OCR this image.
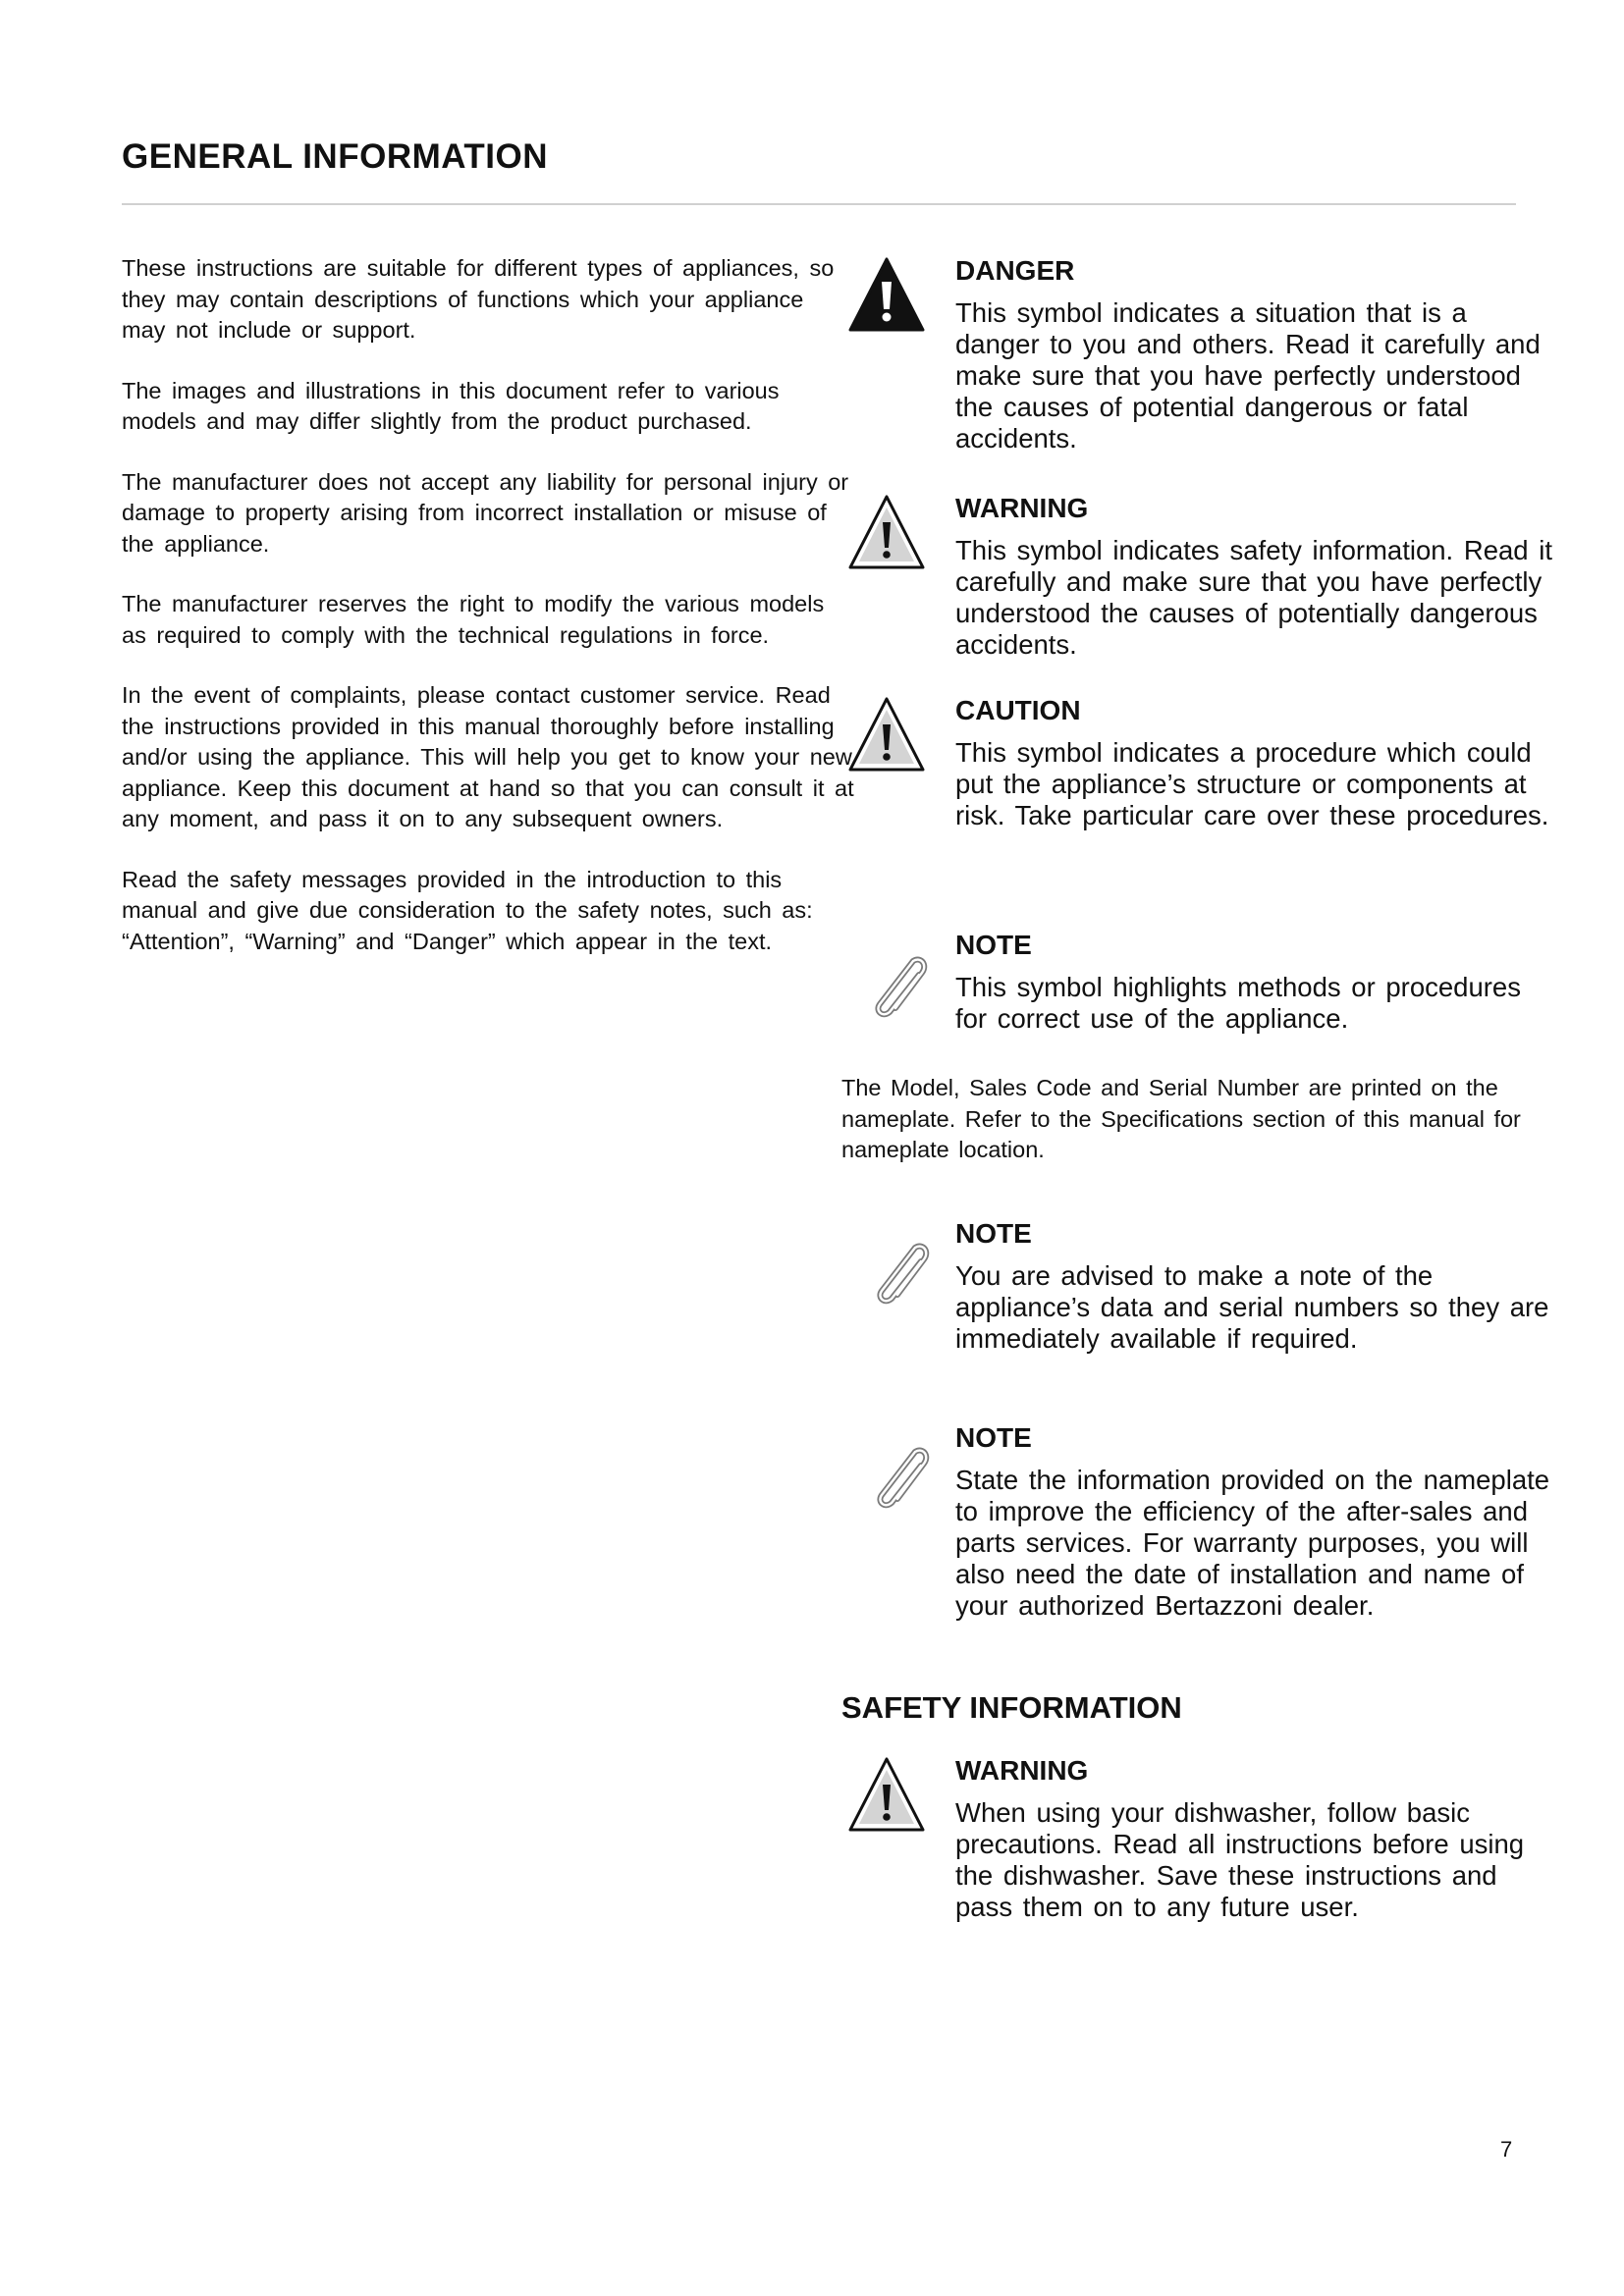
GENERAL INFORMATION

These instructions are suitable for different types of appliances, so they may contain descriptions of functions which your appliance may not include or support.

The images and illustrations in this document refer to various models and may differ slightly from the product purchased.

The manufacturer does not accept any liability for personal injury or damage to property arising from incorrect installation or misuse of the appliance.

The manufacturer reserves the right to modify the various models as required to comply with the technical regulations in force.

In the event of complaints, please contact customer service. Read the instructions provided in this manual thoroughly before installing and/or using the appliance. This will help you get to know your new appliance. Keep this document at hand so that you can consult it at any moment, and pass it on to any subsequent owners.

Read the safety messages provided in the introduction to this manual and give due consideration to the safety notes, such as: “Attention”, “Warning” and “Danger” which appear in the text.

DANGER

This symbol indicates a situation that is a danger to you and others. Read it carefully and make sure that you have perfectly understood the causes of potential dangerous or fatal accidents.

WARNING

This symbol indicates safety information. Read it carefully and make sure that you have perfectly understood the causes of potentially dangerous accidents.

CAUTION

This symbol indicates a procedure which could put the appliance’s structure or components at risk. Take particular care over these procedures.

NOTE

This symbol highlights methods or procedures for correct use of the appliance.

The Model, Sales Code and Serial Number are printed on the nameplate. Refer to the Specifications section of this manual for nameplate location.

NOTE

You are advised to make a note of the appliance’s data and serial numbers so they are immediately available if required.

NOTE

State the information provided on the nameplate to improve the efficiency of the after-sales and parts services. For warranty purposes, you will also need the date of installation and name of your authorized Bertazzoni dealer.

SAFETY INFORMATION
WARNING

When using your dishwasher, follow basic precautions. Read all instructions before using the dishwasher. Save these instructions and pass them on to any future user.

7
